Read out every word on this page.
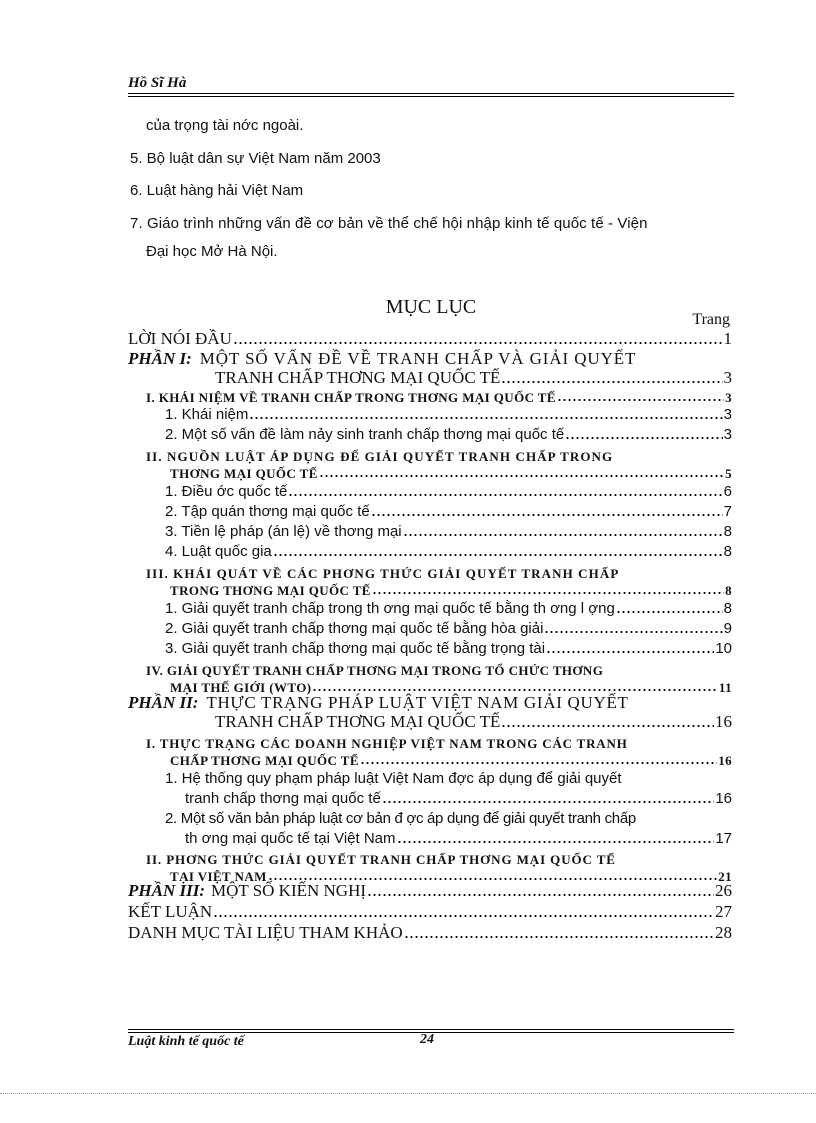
Hồ Sĩ Hà
của trọng tài nớc ngoài.
5. Bộ luật dân sự Việt Nam năm 2003
6. Luật hàng hải Việt Nam
7. Giáo trình những vấn đề cơ bản về thể chế hội nhập kinh tế quốc tế - Viện
Đại học Mở Hà Nội.
MỤC LỤC
Trang
LỜI NÓI ĐẦU	1
PHẦN I: MỘT SỐ VẤN ĐỀ VỀ TRANH CHẤP VÀ GIẢI QUYẾT
TRANH CHẤP THƠNG MẠI QUỐC TẾ	3
I. KHÁI NIỆM VỀ TRANH CHẤP TRONG THƠNG MẠI QUỐC TẾ	3
1. Khái niệm	3
2. Một số vấn đề làm nảy sinh tranh chấp thơng mại quốc tế	3
II. NGUỒN LUẬT ÁP DỤNG ĐỂ GIẢI QUYẾT TRANH CHẤP TRONG
THƠNG MẠI QUỐC TẾ	5
1. Điều ớc quốc tế	6
2. Tập quán thơng mại quốc tế	7
3. Tiền lệ pháp (án lệ) về thơng mại	8
4. Luật quốc gia	8
III. KHÁI QUÁT VỀ CÁC PHƠNG THỨC GIẢI QUYẾT TRANH CHẤP
TRONG THƠNG MẠI QUỐC TẾ	8
1. Giải quyết tranh chấp trong th ơng mại quốc tế bằng th ơng l ợng	8
2. Giải quyết tranh chấp thơng mại quốc tế bằng hòa giải	9
3. Giải quyết tranh chấp thơng mại quốc tế bằng trọng tài	10
IV. GIẢI QUYẾT TRANH CHẤP THƠNG MẠI TRONG TỔ CHỨC THƠNG
MẠI THẾ GIỚI (WTO)	11
PHẦN II: THỰC TRẠNG PHÁP LUẬT VIỆT NAM GIẢI QUYẾT
TRANH CHẤP THƠNG MẠI QUỐC TẾ	16
I. THỰC TRẠNG CÁC DOANH NGHIỆP VIỆT NAM TRONG CÁC TRANH
CHẤP THƠNG MẠI QUỐC TẾ	16
1. Hệ thống quy phạm pháp luật Việt Nam đợc áp dụng để giải quyết
tranh chấp thơng mại quốc tế	16
2. Một số văn bản pháp luật cơ bản đ ợc áp dụng để giải quyết tranh chấp
th ơng mại quốc tế tại Việt Nam	17
II. PHƠNG THỨC GIẢI QUYẾT TRANH CHẤP THƠNG MẠI QUỐC TẾ
TẠI VIỆT NAM	21
PHẦN III: MỘT SỐ KIẾN NGHỊ	26
KẾT LUẬN	27
DANH MỤC TÀI LIỆU THAM KHẢO	28
Luật kinh tế quốc tế	24
